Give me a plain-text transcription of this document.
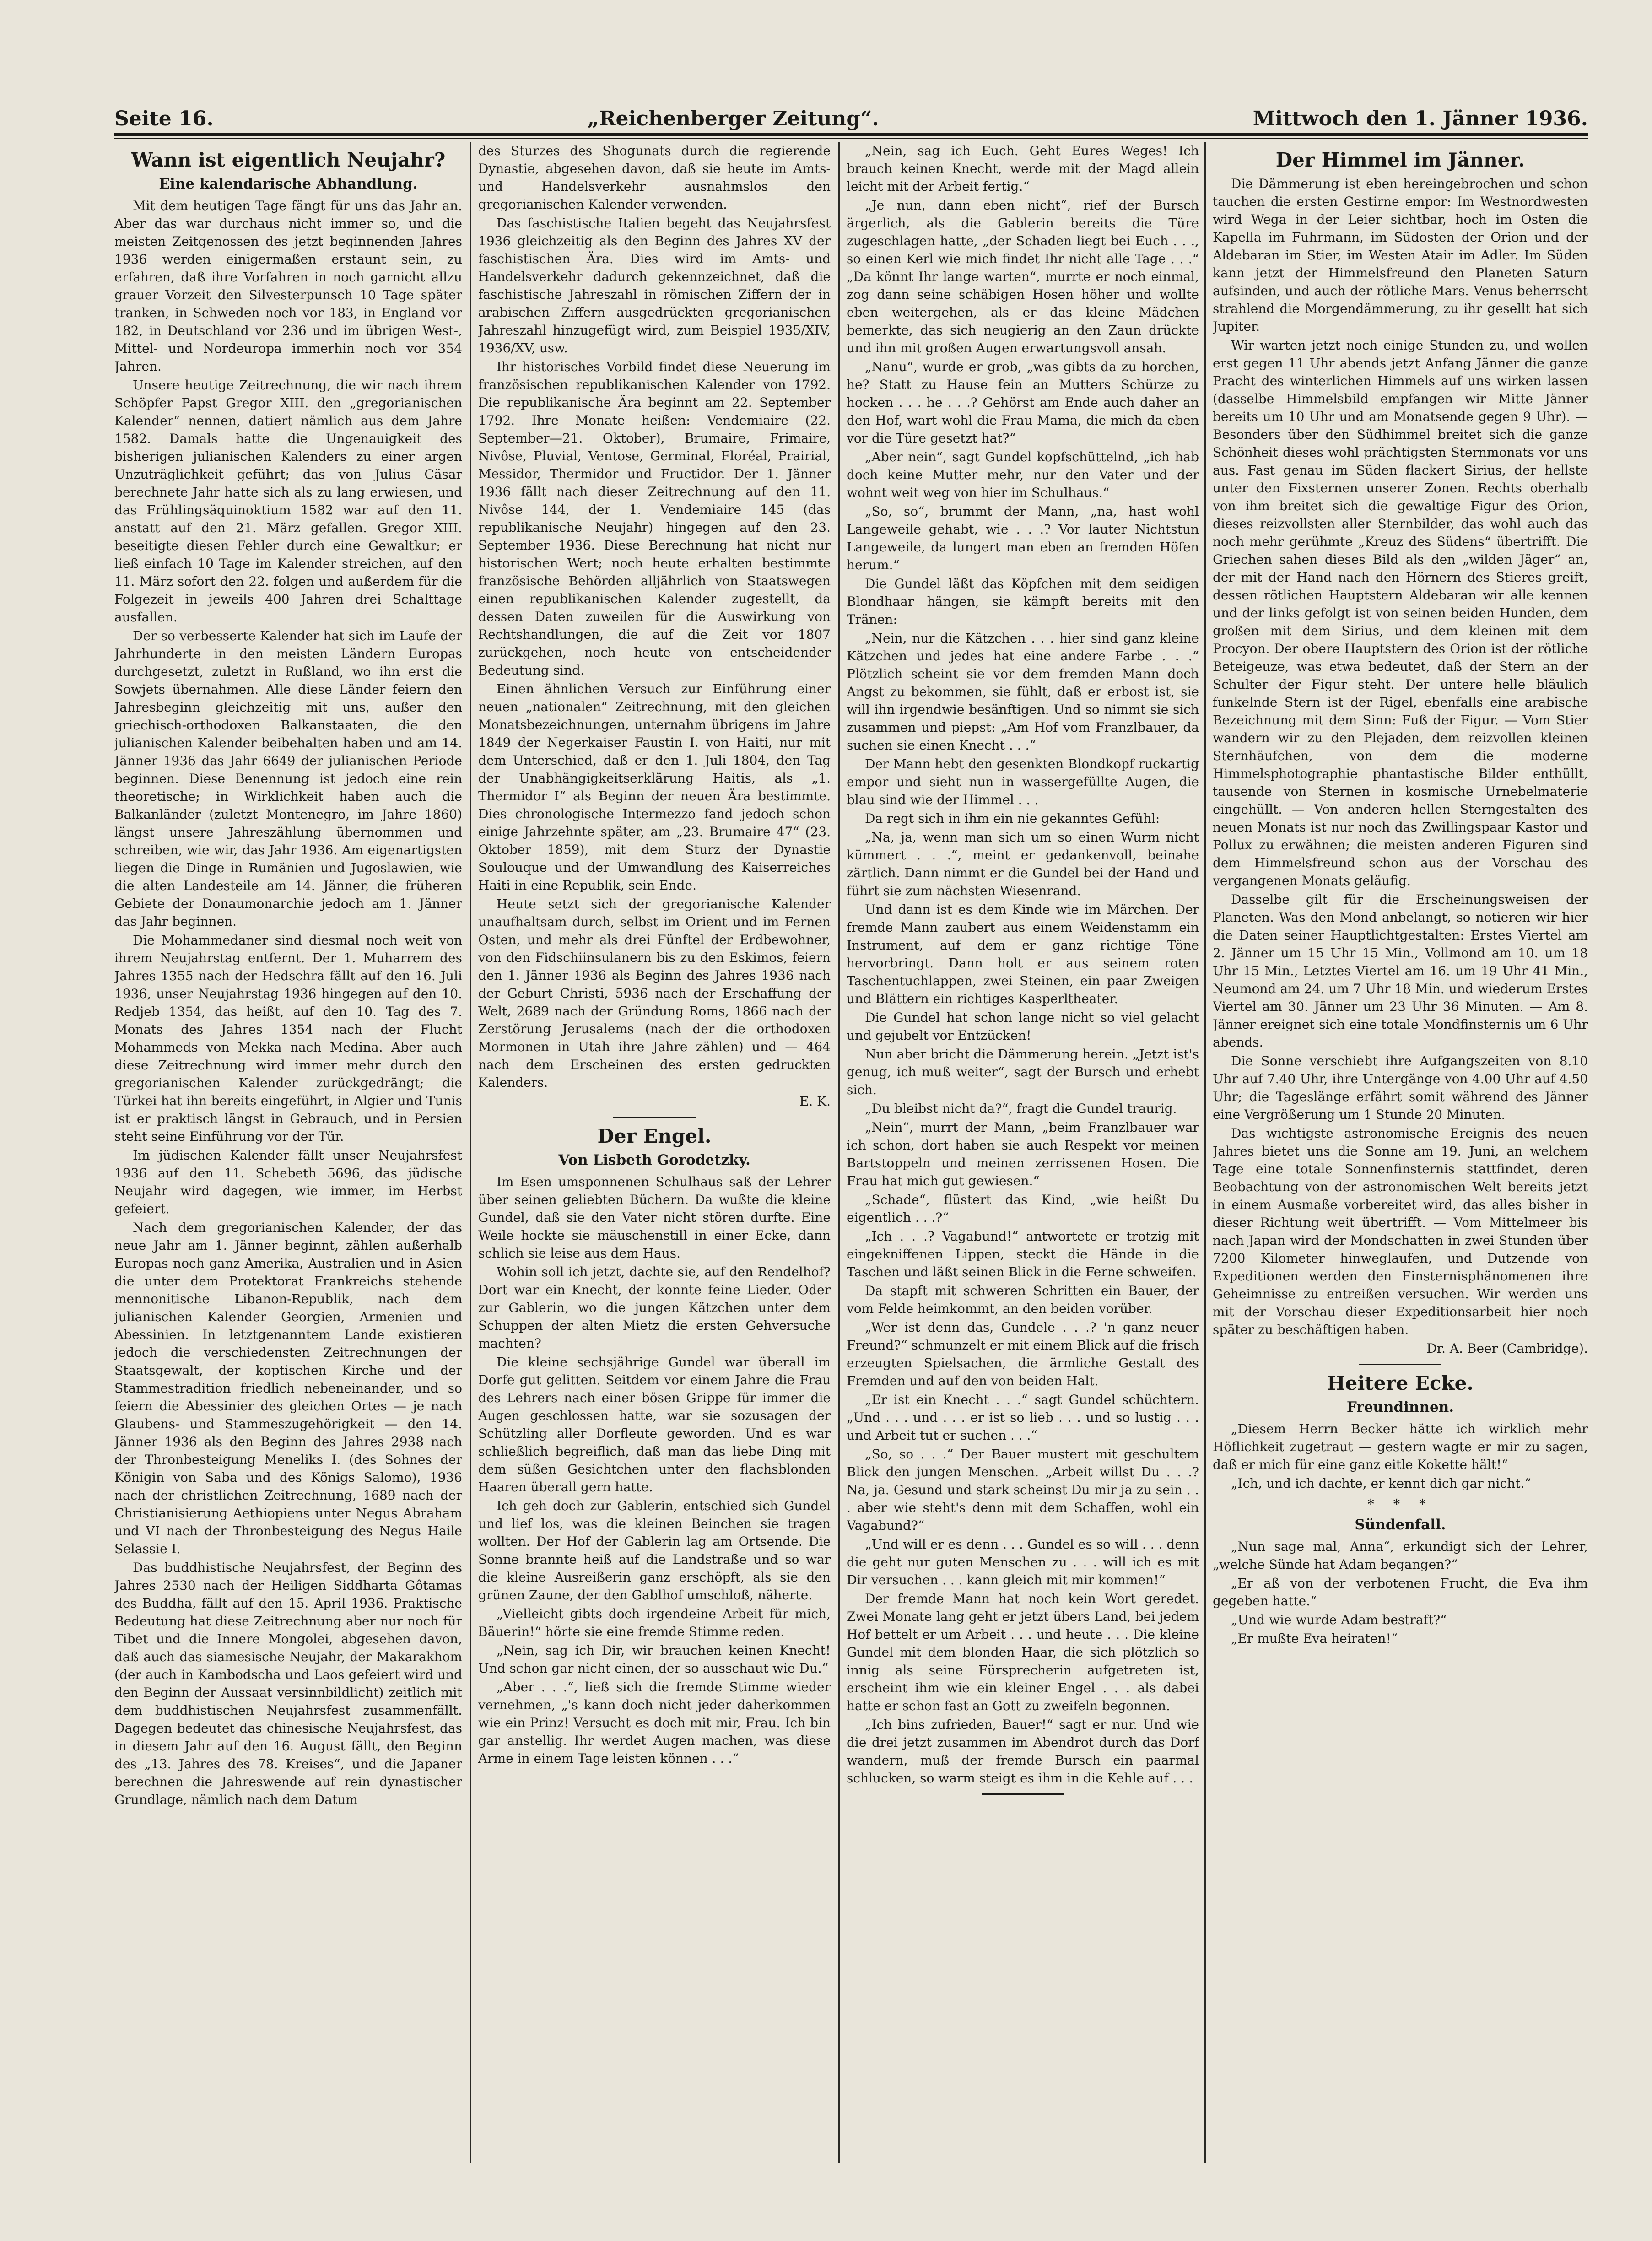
Seite 16.	„Reichenberger Zeitung“.	Mittwoch den 1. Jänner 1936.
Wann ist eigentlich Neujahr?
Eine kalendarische Abhandlung.

Mit dem heutigen Tage fängt für uns das Jahr an. Aber das war durchaus nicht immer so, und die meisten Zeitgenossen des jetzt beginnenden Jahres 1936 werden einigermaßen erstaunt sein, zu erfahren, daß ihre Vorfahren in noch garnicht allzu grauer Vorzeit den Silvesterpunsch 10 Tage später tranken, in Schweden noch vor 183, in England vor 182, in Deutschland vor 236 und im übrigen West-, Mittel- und Nordeuropa immerhin noch vor 354 Jahren.

Unsere heutige Zeitrechnung, die wir nach ihrem Schöpfer Papst Gregor XIII. den „gregorianischen Kalender“ nennen, datiert nämlich aus dem Jahre 1582. Damals hatte die Ungenauigkeit des bisherigen julianischen Kalenders zu einer argen Unzuträglichkeit geführt; das von Julius Cäsar berechnete Jahr hatte sich als zu lang erwiesen, und das Frühlingsäquinoktium 1582 war auf den 11. anstatt auf den 21. März gefallen. Gregor XIII. beseitigte diesen Fehler durch eine Gewaltkur; er ließ einfach 10 Tage im Kalender streichen, auf den 11. März sofort den 22. folgen und außerdem für die Folgezeit in jeweils 400 Jahren drei Schalttage ausfallen.

Der so verbesserte Kalender hat sich im Laufe der Jahrhunderte in den meisten Ländern Europas durchgesetzt, zuletzt in Rußland, wo ihn erst die Sowjets übernahmen. Alle diese Länder feiern den Jahresbeginn gleichzeitig mit uns, außer den griechisch-orthodoxen Balkanstaaten, die den julianischen Kalender beibehalten haben und am 14. Jänner 1936 das Jahr 6649 der julianischen Periode beginnen. Diese Benennung ist jedoch eine rein theoretische; in Wirklichkeit haben auch die Balkanländer (zuletzt Montenegro, im Jahre 1860) längst unsere Jahreszählung übernommen und schreiben, wie wir, das Jahr 1936. Am eigenartigsten liegen die Dinge in Rumänien und Jugoslawien, wie die alten Landesteile am 14. Jänner, die früheren Gebiete der Donaumonarchie jedoch am 1. Jänner das Jahr beginnen.

Die Mohammedaner sind diesmal noch weit von ihrem Neujahrstag entfernt. Der 1. Muharrem des Jahres 1355 nach der Hedschra fällt auf den 16. Juli 1936, unser Neujahrstag 1936 hingegen auf den 10. Redjeb 1354, das heißt, auf den 10. Tag des 7. Monats des Jahres 1354 nach der Flucht Mohammeds von Mekka nach Medina. Aber auch diese Zeitrechnung wird immer mehr durch den gregorianischen Kalender zurückgedrängt; die Türkei hat ihn bereits eingeführt, in Algier und Tunis ist er praktisch längst in Gebrauch, und in Persien steht seine Einführung vor der Tür.

Im jüdischen Kalender fällt unser Neujahrsfest 1936 auf den 11. Schebeth 5696, das jüdische Neujahr wird dagegen, wie immer, im Herbst gefeiert.

Nach dem gregorianischen Kalender, der das neue Jahr am 1. Jänner beginnt, zählen außerhalb Europas noch ganz Amerika, Australien und in Asien die unter dem Protektorat Frankreichs stehende mennonitische Libanon-Republik, nach dem julianischen Kalender Georgien, Armenien und Abessinien. In letztgenanntem Lande existieren jedoch die verschiedensten Zeitrechnungen der Staatsgewalt, der koptischen Kirche und der Stammestradition friedlich nebeneinander, und so feiern die Abessinier des gleichen Ortes — je nach Glaubens- und Stammeszugehörigkeit — den 14. Jänner 1936 als den Beginn des Jahres 2938 nach der Thronbesteigung Meneliks I. (des Sohnes der Königin von Saba und des Königs Salomo), 1936 nach der christlichen Zeitrechnung, 1689 nach der Christianisierung Aethiopiens unter Negus Abraham und VI nach der Thronbesteigung des Negus Haile Selassie I.

Das buddhistische Neujahrsfest, der Beginn des Jahres 2530 nach der Heiligen Siddharta Gôtamas des Buddha, fällt auf den 15. April 1936. Praktische Bedeutung hat diese Zeitrechnung aber nur noch für Tibet und die Innere Mongolei, abgesehen davon, daß auch das siamesische Neujahr, der Makarakhom (der auch in Kambodscha und Laos gefeiert wird und den Beginn der Aussaat versinnbildlicht) zeitlich mit dem buddhistischen Neujahrsfest zusammenfällt. Dagegen bedeutet das chinesische Neujahrsfest, das in diesem Jahr auf den 16. August fällt, den Beginn des „13. Jahres des 78. Kreises“, und die Japaner berechnen die Jahreswende auf rein dynastischer Grundlage, nämlich nach dem Datum

des Sturzes des Shogunats durch die regierende Dynastie, abgesehen davon, daß sie heute im Amts- und Handelsverkehr ausnahmslos den gregorianischen Kalender verwenden.

Das faschistische Italien begeht das Neujahrsfest 1936 gleichzeitig als den Beginn des Jahres XV der faschistischen Ära. Dies wird im Amts- und Handelsverkehr dadurch gekennzeichnet, daß die faschistische Jahreszahl in römischen Ziffern der in arabischen Ziffern ausgedrückten gregorianischen Jahreszahl hinzugefügt wird, zum Beispiel 1935/XIV, 1936/XV, usw.

Ihr historisches Vorbild findet diese Neuerung im französischen republikanischen Kalender von 1792. Die republikanische Ära beginnt am 22. September 1792. Ihre Monate heißen: Vendemiaire (22. September—21. Oktober), Brumaire, Frimaire, Nivôse, Pluvial, Ventose, Germinal, Floréal, Prairial, Messidor, Thermidor und Fructidor. Der 1. Jänner 1936 fällt nach dieser Zeitrechnung auf den 11. Nivôse 144, der 1. Vendemiaire 145 (das republikanische Neujahr) hingegen auf den 23. September 1936. Diese Berechnung hat nicht nur historischen Wert; noch heute erhalten bestimmte französische Behörden alljährlich von Staatswegen einen republikanischen Kalender zugestellt, da dessen Daten zuweilen für die Auswirkung von Rechtshandlungen, die auf die Zeit vor 1807 zurückgehen, noch heute von entscheidender Bedeutung sind.

Einen ähnlichen Versuch zur Einführung einer neuen „nationalen“ Zeitrechnung, mit den gleichen Monatsbezeichnungen, unternahm übrigens im Jahre 1849 der Negerkaiser Faustin I. von Haiti, nur mit dem Unterschied, daß er den 1. Juli 1804, den Tag der Unabhängigkeitserklärung Haitis, als „1. Thermidor I“ als Beginn der neuen Ära bestimmte. Dies chronologische Intermezzo fand jedoch schon einige Jahrzehnte später, am „23. Brumaire 47“ (23. Oktober 1859), mit dem Sturz der Dynastie Soulouque und der Umwandlung des Kaiserreiches Haiti in eine Republik, sein Ende.

Heute setzt sich der gregorianische Kalender unaufhaltsam durch, selbst im Orient und im Fernen Osten, und mehr als drei Fünftel der Erdbewohner, von den Fidschiinsulanern bis zu den Eskimos, feiern den 1. Jänner 1936 als Beginn des Jahres 1936 nach der Geburt Christi, 5936 nach der Erschaffung der Welt, 2689 nach der Gründung Roms, 1866 nach der Zerstörung Jerusalems (nach der die orthodoxen Mormonen in Utah ihre Jahre zählen) und — 464 nach dem Erscheinen des ersten gedruckten Kalenders.

E. K.

Der Engel.
Von Lisbeth Gorodetzky.

Im Esen umsponnenen Schulhaus saß der Lehrer über seinen geliebten Büchern. Da wußte die kleine Gundel, daß sie den Vater nicht stören durfte. Eine Weile hockte sie mäuschenstill in einer Ecke, dann schlich sie leise aus dem Haus.

Wohin soll ich jetzt, dachte sie, auf den Rendelhof? Dort war ein Knecht, der konnte feine Lieder. Oder zur Gablerin, wo die jungen Kätzchen unter dem Schuppen der alten Mietz die ersten Gehversuche machten?

Die kleine sechsjährige Gundel war überall im Dorfe gut gelitten. Seitdem vor einem Jahre die Frau des Lehrers nach einer bösen Grippe für immer die Augen geschlossen hatte, war sie sozusagen der Schützling aller Dorfleute geworden. Und es war schließlich begreiflich, daß man das liebe Ding mit dem süßen Gesichtchen unter den flachsblonden Haaren überall gern hatte.

Ich geh doch zur Gablerin, entschied sich Gundel und lief los, was die kleinen Beinchen sie tragen wollten. Der Hof der Gablerin lag am Ortsende. Die Sonne brannte heiß auf die Landstraße und so war die kleine Ausreißerin ganz erschöpft, als sie den grünen Zaune, der den Gablhof umschloß, näherte.

„Vielleicht gibts doch irgendeine Arbeit für mich, Bäuerin!“ hörte sie eine fremde Stimme reden.

„Nein, sag ich Dir, wir brauchen keinen Knecht! Und schon gar nicht einen, der so ausschaut wie Du.“

„Aber . . .“, ließ sich die fremde Stimme wieder vernehmen, „'s kann doch nicht jeder daherkommen wie ein Prinz! Versucht es doch mit mir, Frau. Ich bin gar anstellig. Ihr werdet Augen machen, was diese Arme in einem Tage leisten können . . .“

„Nein, sag ich Euch. Geht Eures Weges! Ich brauch keinen Knecht, werde mit der Magd allein leicht mit der Arbeit fertig.“

„Je nun, dann eben nicht“, rief der Bursch ärgerlich, als die Gablerin bereits die Türe zugeschlagen hatte, „der Schaden liegt bei Euch . . ., so einen Kerl wie mich findet Ihr nicht alle Tage . . .“ „Da könnt Ihr lange warten“, murrte er noch einmal, zog dann seine schäbigen Hosen höher und wollte eben weitergehen, als er das kleine Mädchen bemerkte, das sich neugierig an den Zaun drückte und ihn mit großen Augen erwartungsvoll ansah.

„Nanu“, wurde er grob, „was gibts da zu horchen, he? Statt zu Hause fein an Mutters Schürze zu hocken . . . he . . .? Gehörst am Ende auch daher an den Hof, wart wohl die Frau Mama, die mich da eben vor die Türe gesetzt hat?“

„Aber nein“, sagt Gundel kopfschüttelnd, „ich hab doch keine Mutter mehr, nur den Vater und der wohnt weit weg von hier im Schulhaus.“

„So, so“, brummt der Mann, „na, hast wohl Langeweile gehabt, wie . . .? Vor lauter Nichtstun Langeweile, da lungert man eben an fremden Höfen herum.“

Die Gundel läßt das Köpfchen mit dem seidigen Blondhaar hängen, sie kämpft bereits mit den Tränen:

„Nein, nur die Kätzchen . . . hier sind ganz kleine Kätzchen und jedes hat eine andere Farbe . . .“ Plötzlich scheint sie vor dem fremden Mann doch Angst zu bekommen, sie fühlt, daß er erbost ist, sie will ihn irgendwie besänftigen. Und so nimmt sie sich zusammen und piepst: „Am Hof vom Franzlbauer, da suchen sie einen Knecht . . .“

Der Mann hebt den gesenkten Blondkopf ruckartig empor und sieht nun in wassergefüllte Augen, die blau sind wie der Himmel . . .

Da regt sich in ihm ein nie gekanntes Gefühl:

„Na, ja, wenn man sich um so einen Wurm nicht kümmert . . .“, meint er gedankenvoll, beinahe zärtlich. Dann nimmt er die Gundel bei der Hand und führt sie zum nächsten Wiesenrand.

Und dann ist es dem Kinde wie im Märchen. Der fremde Mann zaubert aus einem Weidenstamm ein Instrument, auf dem er ganz richtige Töne hervorbringt. Dann holt er aus seinem roten Taschentuchlappen, zwei Steinen, ein paar Zweigen und Blättern ein richtiges Kasperltheater.

Die Gundel hat schon lange nicht so viel gelacht und gejubelt vor Entzücken!

Nun aber bricht die Dämmerung herein. „Jetzt ist's genug, ich muß weiter“, sagt der Bursch und erhebt sich.

„Du bleibst nicht da?“, fragt die Gundel traurig.

„Nein“, murrt der Mann, „beim Franzlbauer war ich schon, dort haben sie auch Respekt vor meinen Bartstoppeln und meinen zerrissenen Hosen. Die Frau hat mich gut gewiesen.“

„Schade“, flüstert das Kind, „wie heißt Du eigentlich . . .?“

„Ich . . .? Vagabund!“ antwortete er trotzig mit eingekniffenen Lippen, steckt die Hände in die Taschen und läßt seinen Blick in die Ferne schweifen.

Da stapft mit schweren Schritten ein Bauer, der vom Felde heimkommt, an den beiden vorüber.

„Wer ist denn das, Gundele . . .? 'n ganz neuer Freund?“ schmunzelt er mit einem Blick auf die frisch erzeugten Spielsachen, die ärmliche Gestalt des Fremden und auf den von beiden Halt.

„Er ist ein Knecht . . .“ sagt Gundel schüchtern. „Und . . . und . . . er ist so lieb . . . und so lustig . . . und Arbeit tut er suchen . . .“

„So, so . . .“ Der Bauer mustert mit geschultem Blick den jungen Menschen. „Arbeit willst Du . . .? Na, ja. Gesund und stark scheinst Du mir ja zu sein . . . aber wie steht's denn mit dem Schaffen, wohl ein Vagabund?“

„Und will er es denn . . . Gundel es so will . . . denn die geht nur guten Menschen zu . . . will ich es mit Dir versuchen . . . kann gleich mit mir kommen!“

Der fremde Mann hat noch kein Wort geredet. Zwei Monate lang geht er jetzt übers Land, bei jedem Hof bettelt er um Arbeit . . . und heute . . . Die kleine Gundel mit dem blonden Haar, die sich plötzlich so innig als seine Fürsprecherin aufgetreten ist, erscheint ihm wie ein kleiner Engel . . . als dabei hatte er schon fast an Gott zu zweifeln begonnen.

„Ich bins zufrieden, Bauer!“ sagt er nur. Und wie die drei jetzt zusammen im Abendrot durch das Dorf wandern, muß der fremde Bursch ein paarmal schlucken, so warm steigt es ihm in die Kehle auf . . .

Der Himmel im Jänner.

Die Dämmerung ist eben hereingebrochen und schon tauchen die ersten Gestirne empor: Im Westnordwesten wird Wega in der Leier sichtbar, hoch im Osten die Kapella im Fuhrmann, im Südosten der Orion und der Aldebaran im Stier, im Westen Atair im Adler. Im Süden kann jetzt der Himmelsfreund den Planeten Saturn aufsinden, und auch der rötliche Mars. Venus beherrscht strahlend die Morgendämmerung, zu ihr gesellt hat sich Jupiter.

Wir warten jetzt noch einige Stunden zu, und wollen erst gegen 11 Uhr abends jetzt Anfang Jänner die ganze Pracht des winterlichen Himmels auf uns wirken lassen (dasselbe Himmelsbild empfangen wir Mitte Jänner bereits um 10 Uhr und am Monatsende gegen 9 Uhr). — Besonders über den Südhimmel breitet sich die ganze Schönheit dieses wohl prächtigsten Sternmonats vor uns aus. Fast genau im Süden flackert Sirius, der hellste unter den Fixsternen unserer Zonen. Rechts oberhalb von ihm breitet sich die gewaltige Figur des Orion, dieses reizvollsten aller Sternbilder, das wohl auch das noch mehr gerühmte „Kreuz des Südens“ übertrifft. Die Griechen sahen dieses Bild als den „wilden Jäger“ an, der mit der Hand nach den Hörnern des Stieres greift, dessen rötlichen Hauptstern Aldebaran wir alle kennen und der links gefolgt ist von seinen beiden Hunden, dem großen mit dem Sirius, und dem kleinen mit dem Procyon. Der obere Hauptstern des Orion ist der rötliche Beteigeuze, was etwa bedeutet, daß der Stern an der Schulter der Figur steht. Der untere helle bläulich funkelnde Stern ist der Rigel, ebenfalls eine arabische Bezeichnung mit dem Sinn: Fuß der Figur. — Vom Stier wandern wir zu den Plejaden, dem reizvollen kleinen Sternhäufchen, von dem die moderne Himmelsphotographie phantastische Bilder enthüllt, tausende von Sternen in kosmische Urnebelmaterie eingehüllt. — Von anderen hellen Sterngestalten des neuen Monats ist nur noch das Zwillingspaar Kastor und Pollux zu erwähnen; die meisten anderen Figuren sind dem Himmelsfreund schon aus der Vorschau des vergangenen Monats geläufig.

Dasselbe gilt für die Erscheinungsweisen der Planeten. Was den Mond anbelangt, so notieren wir hier die Daten seiner Hauptlichtgestalten: Erstes Viertel am 2. Jänner um 15 Uhr 15 Min., Vollmond am 10. um 18 Uhr 15 Min., Letztes Viertel am 16. um 19 Uhr 41 Min., Neumond am 24. um 7 Uhr 18 Min. und wiederum Erstes Viertel am 30. Jänner um 23 Uhr 36 Minuten. — Am 8. Jänner ereignet sich eine totale Mondfinsternis um 6 Uhr abends.

Die Sonne verschiebt ihre Aufgangszeiten von 8.10 Uhr auf 7.40 Uhr, ihre Untergänge von 4.00 Uhr auf 4.50 Uhr; die Tageslänge erfährt somit während des Jänner eine Vergrößerung um 1 Stunde 20 Minuten.

Das wichtigste astronomische Ereignis des neuen Jahres bietet uns die Sonne am 19. Juni, an welchem Tage eine totale Sonnenfinsternis stattfindet, deren Beobachtung von der astronomischen Welt bereits jetzt in einem Ausmaße vorbereitet wird, das alles bisher in dieser Richtung weit übertrifft. — Vom Mittelmeer bis nach Japan wird der Mondschatten in zwei Stunden über 7200 Kilometer hinweglaufen, und Dutzende von Expeditionen werden den Finsternisphänomenen ihre Geheimnisse zu entreißen versuchen. Wir werden uns mit der Vorschau dieser Expeditionsarbeit hier noch später zu beschäftigen haben.

Dr. A. Beer (Cambridge).

Heitere Ecke.
Freundinnen.

„Diesem Herrn Becker hätte ich wirklich mehr Höflichkeit zugetraut — gestern wagte er mir zu sagen, daß er mich für eine ganz eitle Kokette hält!“

„Ich, und ich dachte, er kennt dich gar nicht.“

* * *
Sündenfall.

„Nun sage mal, Anna“, erkundigt sich der Lehrer, „welche Sünde hat Adam begangen?“

„Er aß von der verbotenen Frucht, die Eva ihm gegeben hatte.“

„Und wie wurde Adam bestraft?“

„Er mußte Eva heiraten!“
